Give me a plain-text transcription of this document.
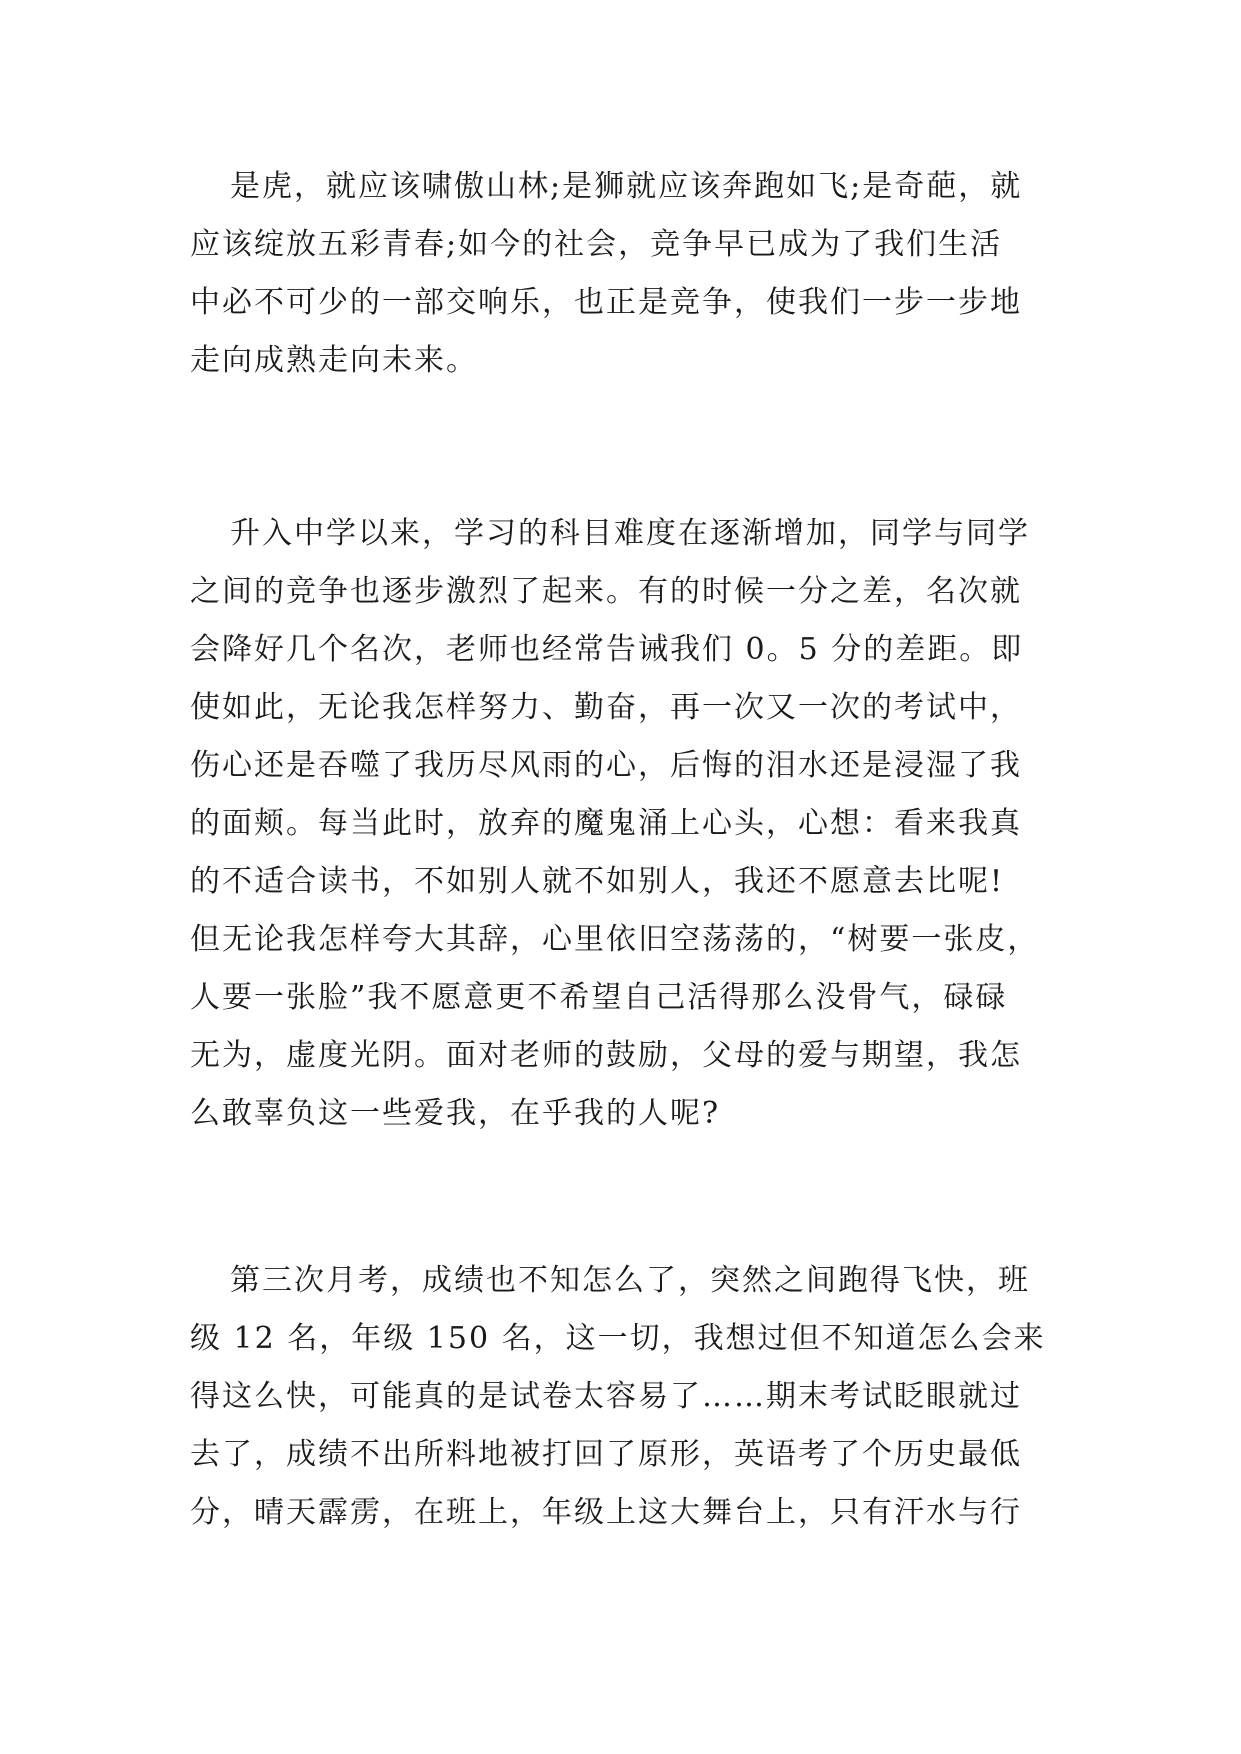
是虎，就应该啸傲山林;是狮就应该奔跑如飞;是奇葩，就
应该绽放五彩青春;如今的社会，竞争早已成为了我们生活
中必不可少的一部交响乐，也正是竞争，使我们一步一步地
走向成熟走向未来。
升入中学以来，学习的科目难度在逐渐增加，同学与同学
之间的竞争也逐步激烈了起来。有的时候一分之差，名次就
会降好几个名次，老师也经常告诫我们 0。5 分的差距。即
使如此，无论我怎样努力、勤奋，再一次又一次的考试中，
伤心还是吞噬了我历尽风雨的心，后悔的泪水还是浸湿了我
的面颊。每当此时，放弃的魔鬼涌上心头，心想：看来我真
的不适合读书，不如别人就不如别人，我还不愿意去比呢!
但无论我怎样夸大其辞，心里依旧空荡荡的，“树要一张皮，
人要一张脸”我不愿意更不希望自己活得那么没骨气，碌碌
无为，虚度光阴。面对老师的鼓励，父母的爱与期望，我怎
么敢辜负这一些爱我，在乎我的人呢?
第三次月考，成绩也不知怎么了，突然之间跑得飞快，班
级 12 名，年级 150 名，这一切，我想过但不知道怎么会来
得这么快，可能真的是试卷太容易了……期末考试眨眼就过
去了，成绩不出所料地被打回了原形，英语考了个历史最低
分，晴天霹雳，在班上，年级上这大舞台上，只有汗水与行
